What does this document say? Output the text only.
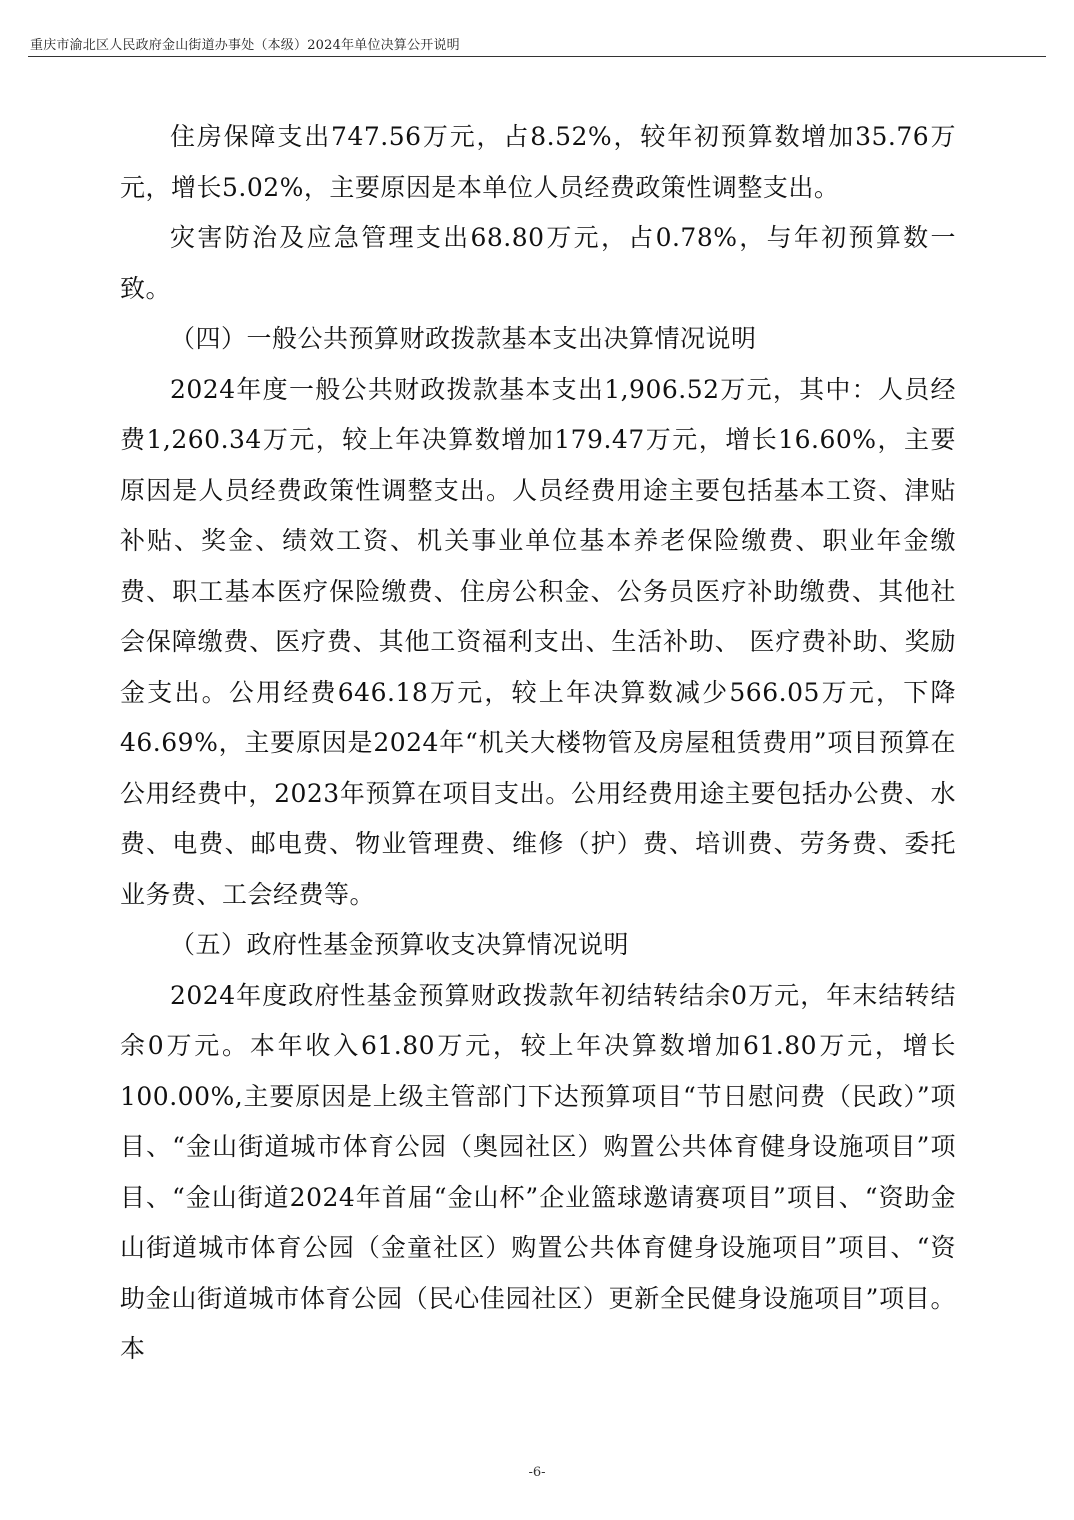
重庆市渝北区人民政府金山街道办事处（本级）2024年单位决算公开说明

住房保障支出747.56万元，占8.52%，较年初预算数增加35.76万元，增长5.02%，主要原因是本单位人员经费政策性调整支出。

灾害防治及应急管理支出68.80万元，占0.78%，与年初预算数一致。

（四）一般公共预算财政拨款基本支出决算情况说明

2024年度一般公共财政拨款基本支出1,906.52万元，其中：人员经费1,260.34万元，较上年决算数增加179.47万元，增长16.60%，主要原因是人员经费政策性调整支出。人员经费用途主要包括基本工资、津贴补贴、奖金、绩效工资、机关事业单位基本养老保险缴费、职业年金缴费、职工基本医疗保险缴费、住房公积金、公务员医疗补助缴费、其他社会保障缴费、医疗费、其他工资福利支出、生活补助、 医疗费补助、奖励金支出。公用经费646.18万元，较上年决算数减少566.05万元，下降46.69%，主要原因是2024年“机关大楼物管及房屋租赁费用”项目预算在公用经费中，2023年预算在项目支出。公用经费用途主要包括办公费、水费、电费、邮电费、物业管理费、维修（护）费、培训费、劳务费、委托业务费、工会经费等。

（五）政府性基金预算收支决算情况说明

2024年度政府性基金预算财政拨款年初结转结余0万元，年末结转结余0万元。本年收入61.80万元，较上年决算数增加61.80万元，增长100.00%,主要原因是上级主管部门下达预算项目“节日慰问费（民政）”项目、“金山街道城市体育公园（奥园社区）购置公共体育健身设施项目”项目、“金山街道2024年首届“金山杯”企业篮球邀请赛项目”项目、“资助金山街道城市体育公园（金童社区）购置公共体育健身设施项目”项目、“资助金山街道城市体育公园（民心佳园社区）更新全民健身设施项目”项目。本

-6-
